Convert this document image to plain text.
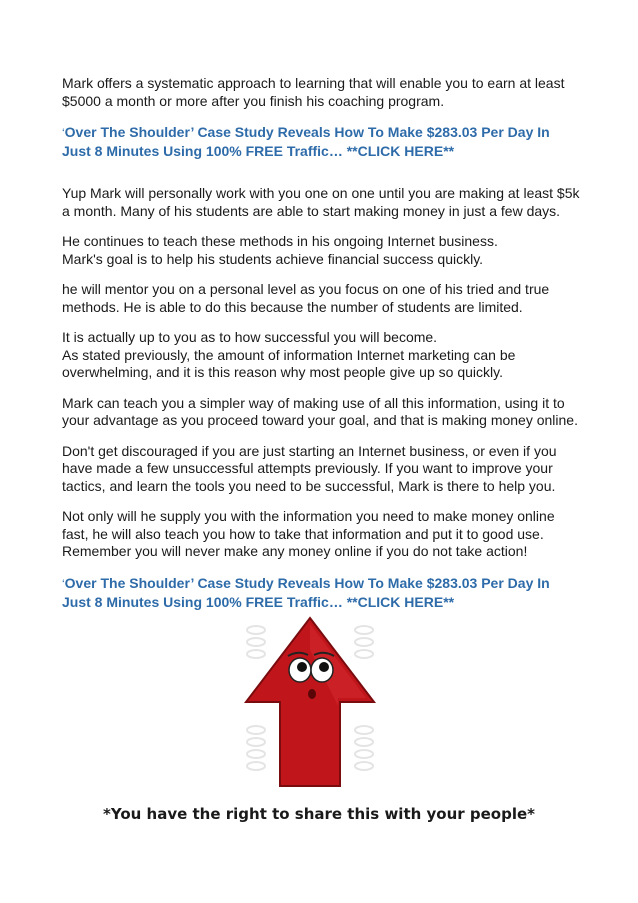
Mark offers a systematic approach to learning that will enable you to earn at least $5000 a month or more after you finish his coaching program.

‘Over The Shoulder’ Case Study Reveals How To Make $283.03 Per Day In Just 8 Minutes Using 100% FREE Traffic… **CLICK HERE**

Yup Mark will personally work with you one on one until you are making at least $5k a month. Many of his students are able to start making money in just a few days.

He continues to teach these methods in his ongoing Internet business.
Mark's goal is to help his students achieve financial success quickly.

he will mentor you on a personal level as you focus on one of his tried and true methods. He is able to do this because the number of students are limited.

It is actually up to you as to how successful you will become.
As stated previously, the amount of information Internet marketing can be overwhelming, and it is this reason why most people give up so quickly.

Mark can teach you a simpler way of making use of all this information, using it to your advantage as you proceed toward your goal, and that is making money online.

Don't get discouraged if you are just starting an Internet business, or even if you have made a few unsuccessful attempts previously. If you want to improve your tactics, and learn the tools you need to be successful, Mark is there to help you.

Not only will he supply you with the information you need to make money online fast, he will also teach you how to take that information and put it to good use. Remember you will never make any money online if you do not take action!

‘Over The Shoulder’ Case Study Reveals How To Make $283.03 Per Day In Just 8 Minutes Using 100% FREE Traffic… **CLICK HERE**
*You have the right to share this with your people*
